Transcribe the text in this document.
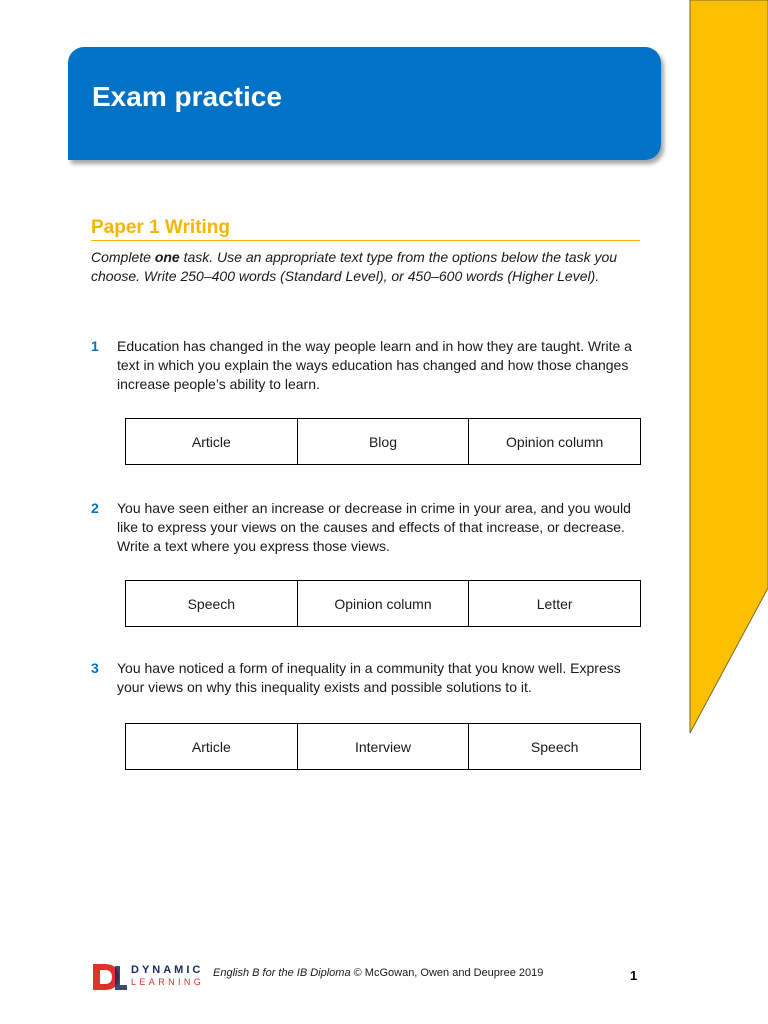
Exam practice
Paper 1 Writing
Complete one task. Use an appropriate text type from the options below the task you choose. Write 250–400 words (Standard Level), or 450–600 words (Higher Level).
1 Education has changed in the way people learn and in how they are taught. Write a text in which you explain the ways education has changed and how those changes increase people’s ability to learn.
Article	Blog	Opinion column
2 You have seen either an increase or decrease in crime in your area, and you would like to express your views on the causes and effects of that increase, or decrease. Write a text where you express those views.
Speech	Opinion column	Letter
3 You have noticed a form of inequality in a community that you know well. Express your views on why this inequality exists and possible solutions to it.
Article	Interview	Speech
DYNAMIC
LEARNING
English B for the IB Diploma © McGowan, Owen and Deupree 2019	1
